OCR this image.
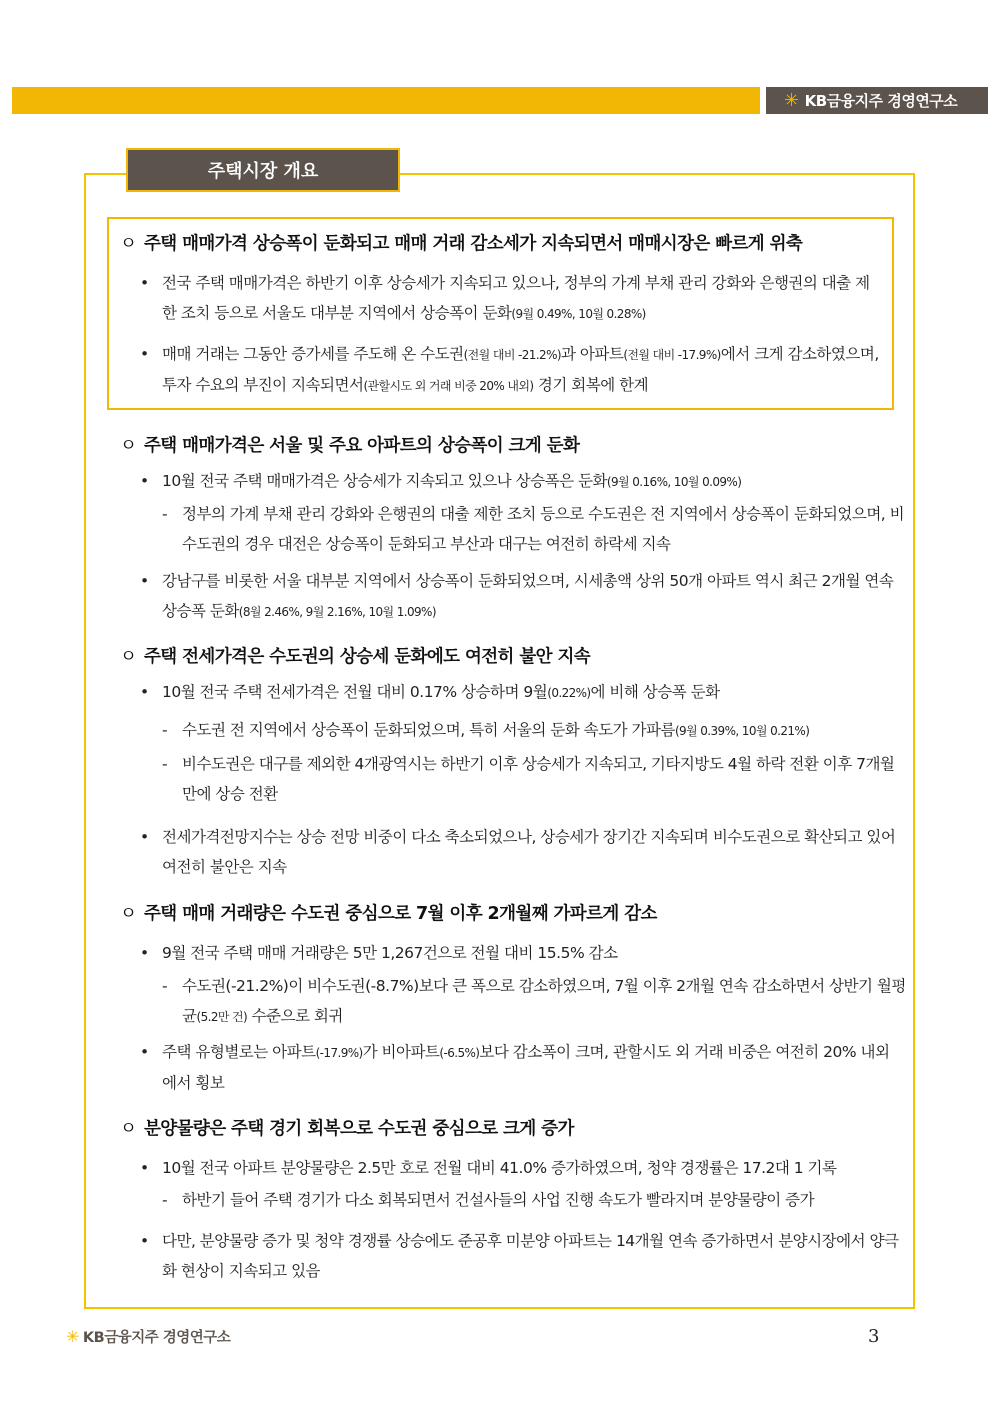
✳ KB금융지주 경영연구소
주택시장 개요
ㅇ 주택 매매가격 상승폭이 둔화되고 매매 거래 감소세가 지속되면서 매매시장은 빠르게 위축
• 전국 주택 매매가격은 하반기 이후 상승세가 지속되고 있으나, 정부의 가계 부채 관리 강화와 은행권의 대출 제한 조치 등으로 서울도 대부분 지역에서 상승폭이 둔화(9월 0.49%, 10월 0.28%)
• 매매 거래는 그동안 증가세를 주도해 온 수도권(전월 대비 -21.2%)과 아파트(전월 대비 -17.9%)에서 크게 감소하였으며, 투자 수요의 부진이 지속되면서(관할시도 외 거래 비중 20% 내외) 경기 회복에 한계
ㅇ 주택 매매가격은 서울 및 주요 아파트의 상승폭이 크게 둔화
• 10월 전국 주택 매매가격은 상승세가 지속되고 있으나 상승폭은 둔화(9월 0.16%, 10월 0.09%)
- 정부의 가계 부채 관리 강화와 은행권의 대출 제한 조치 등으로 수도권은 전 지역에서 상승폭이 둔화되었으며, 비수도권의 경우 대전은 상승폭이 둔화되고 부산과 대구는 여전히 하락세 지속
• 강남구를 비롯한 서울 대부분 지역에서 상승폭이 둔화되었으며, 시세총액 상위 50개 아파트 역시 최근 2개월 연속 상승폭 둔화(8월 2.46%, 9월 2.16%, 10월 1.09%)
ㅇ 주택 전세가격은 수도권의 상승세 둔화에도 여전히 불안 지속
• 10월 전국 주택 전세가격은 전월 대비 0.17% 상승하며 9월(0.22%)에 비해 상승폭 둔화
- 수도권 전 지역에서 상승폭이 둔화되었으며, 특히 서울의 둔화 속도가 가파름(9월 0.39%, 10월 0.21%)
- 비수도권은 대구를 제외한 4개광역시는 하반기 이후 상승세가 지속되고, 기타지방도 4월 하락 전환 이후 7개월 만에 상승 전환
• 전세가격전망지수는 상승 전망 비중이 다소 축소되었으나, 상승세가 장기간 지속되며 비수도권으로 확산되고 있어 여전히 불안은 지속
ㅇ 주택 매매 거래량은 수도권 중심으로 7월 이후 2개월째 가파르게 감소
• 9월 전국 주택 매매 거래량은 5만 1,267건으로 전월 대비 15.5% 감소
- 수도권(-21.2%)이 비수도권(-8.7%)보다 큰 폭으로 감소하였으며, 7월 이후 2개월 연속 감소하면서 상반기 월평균(5.2만 건) 수준으로 회귀
• 주택 유형별로는 아파트(-17.9%)가 비아파트(-6.5%)보다 감소폭이 크며, 관할시도 외 거래 비중은 여전히 20% 내외에서 횡보
ㅇ 분양물량은 주택 경기 회복으로 수도권 중심으로 크게 증가
• 10월 전국 아파트 분양물량은 2.5만 호로 전월 대비 41.0% 증가하였으며, 청약 경쟁률은 17.2대 1 기록
- 하반기 들어 주택 경기가 다소 회복되면서 건설사들의 사업 진행 속도가 빨라지며 분양물량이 증가
• 다만, 분양물량 증가 및 청약 경쟁률 상승에도 준공후 미분양 아파트는 14개월 연속 증가하면서 분양시장에서 양극화 현상이 지속되고 있음
✳ KB금융지주 경영연구소	3
